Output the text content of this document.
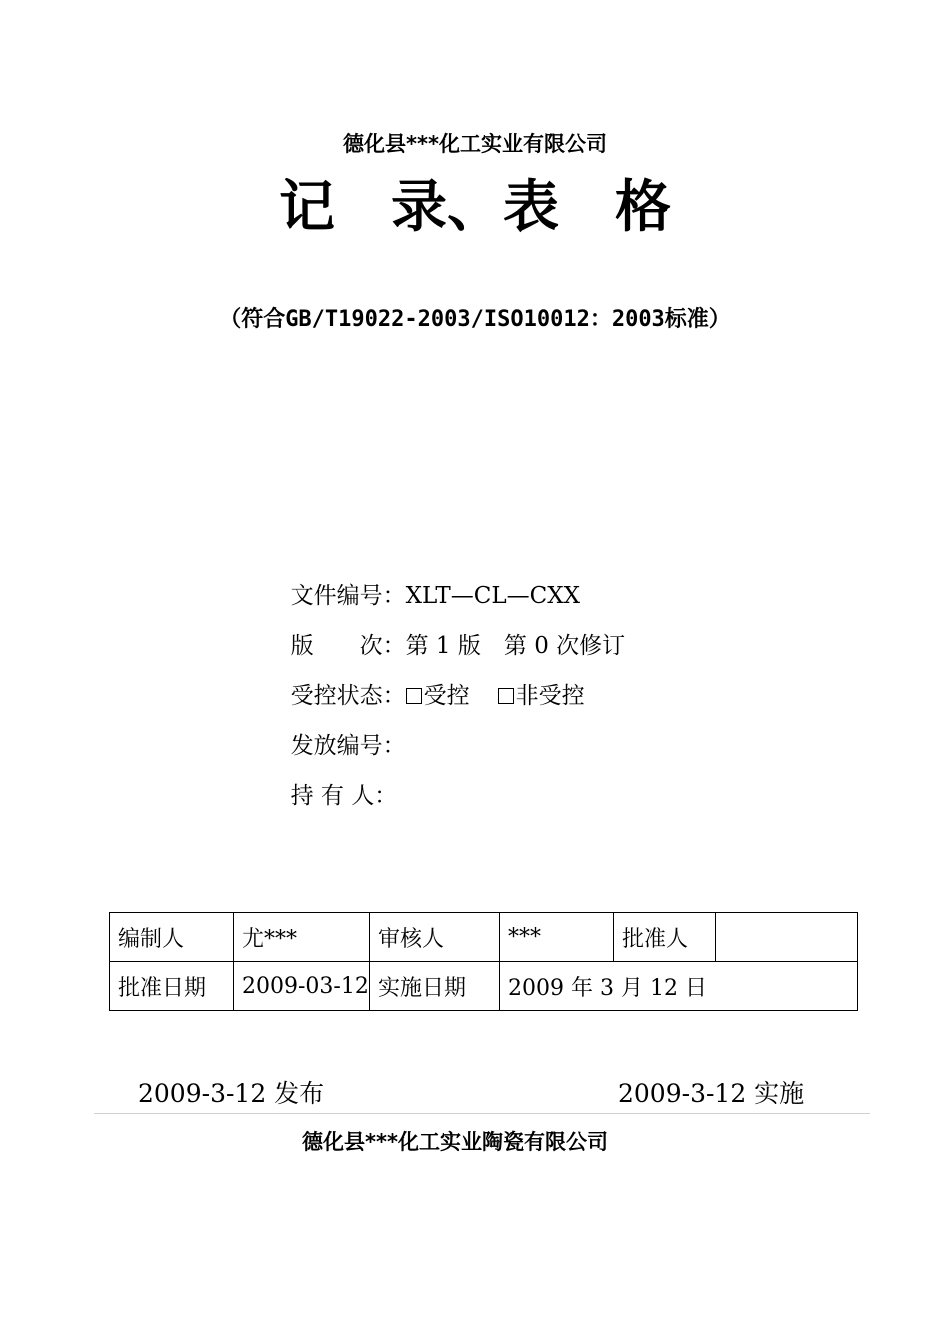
德化县***化工实业有限公司
记　录、表　格
（符合GB/T19022-2003/ISO10012：2003标准）

文件编号：XLT—CL—CXX

版　　次：第 1 版　第 0 次修订

受控状态： 受控 非受控

发放编号：

持 有 人：

编制人	尤***	审核人	***	批准人	
批准日期	2009-03-12	实施日期	2009 年 3 月 12 日		
2009-3-12 发布	2009-3-12 实施
德化县***化工实业陶瓷有限公司
